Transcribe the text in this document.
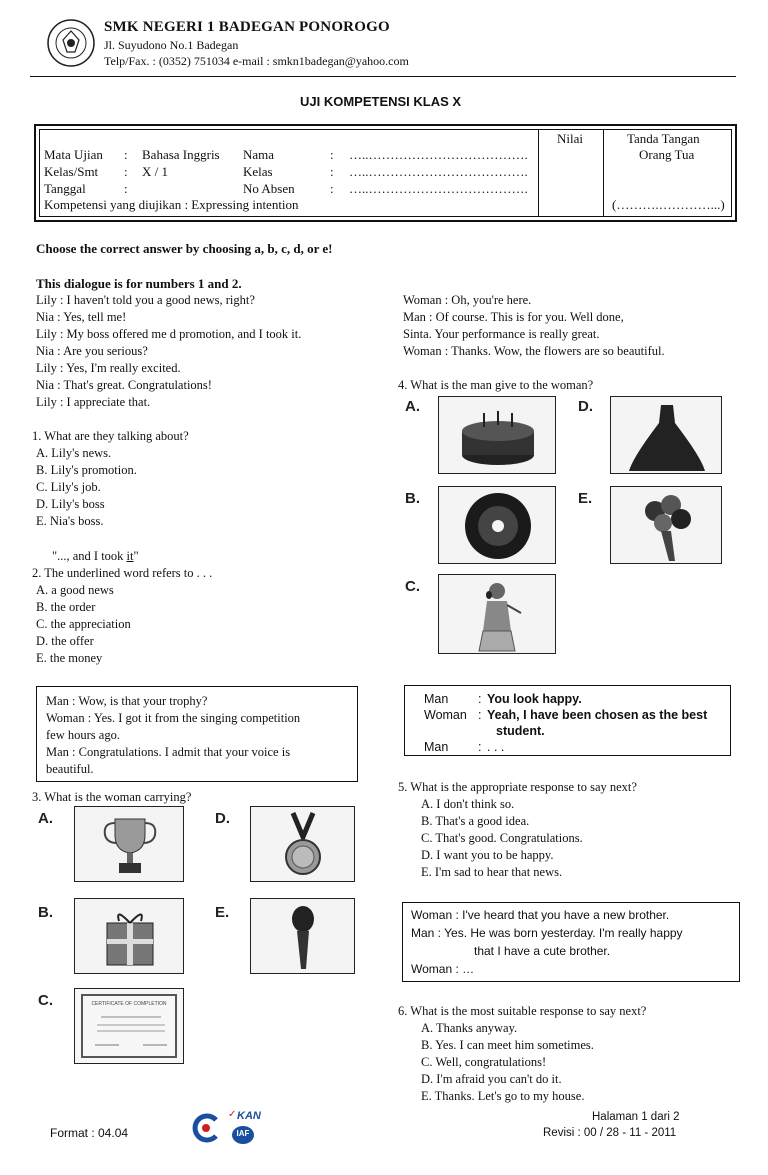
SMK NEGERI 1 BADEGAN PONOROGO
Jl. Suyudono No.1 Badegan
Telp/Fax. : (0352) 751034 e-mail : smkn1badegan@yahoo.com
UJI KOMPETENSI KLAS X
Mata Ujian : Bahasa Inggris Nama	: …..……………………………….
Kelas/Smt : X / 1	Kelas	: …..……………………………….
Tanggal	:	No Absen	: …..……………………………….
Kompetensi yang diujikan : Expressing intention
Nilai	Tanda Tangan
Orang Tua
(……….…………...)
Choose the correct answer by choosing a, b, c, d, or e!
This dialogue is for numbers 1 and 2.
Lily : I haven't told you a good news, right?
Nia : Yes, tell me!
Lily : My boss offered me d promotion, and I took it.
Nia : Are you serious?
Lily : Yes, I'm really excited.
Nia : That's great. Congratulations!
Lily : I appreciate that.
1. What are they talking about?
A. Lily's news.
B. Lily's promotion.
C. Lily's job.
D. Lily's boss
E. Nia's boss.
"..., and I took it"
2. The underlined word refers to . . .
A. a good news
B. the order
C. the appreciation
D. the offer
E. the money
Man : Wow, is that your trophy?
Woman : Yes. I got it from the singing competition
few hours ago.
Man : Congratulations. I admit that your voice is
beautiful.
3. What is the woman carrying?
A.	D.
B.	E.
C.	CERTIFICATE OF COMPLETION
Woman : Oh, you're here.
Man : Of course. This is for you. Well done,
Sinta. Your performance is really great.
Woman : Thanks. Wow, the flowers are so beautiful.
4. What is the man give to the woman?
A.	D.
B.	E.
C.
Man : You look happy.
Woman : Yeah, I have been chosen as the best
student.
Man : . . .
5. What is the appropriate response to say next?
A. I don't think so.
B. That's a good idea.
C. That's good. Congratulations.
D. I want you to be happy.
E. I'm sad to hear that news.
Woman : I've heard that you have a new brother.
Man : Yes. He was born yesterday. I'm really happy
that I have a cute brother.
Woman : …
6. What is the most suitable response to say next?
A. Thanks anyway.
B. Yes. I can meet him sometimes.
C. Well, congratulations!
D. I'm afraid you can't do it.
E. Thanks. Let's go to my house.
Format : 04.04
✓ KAN
IAF
Halaman 1 dari 2
Revisi : 00 / 28 - 11 - 2011
